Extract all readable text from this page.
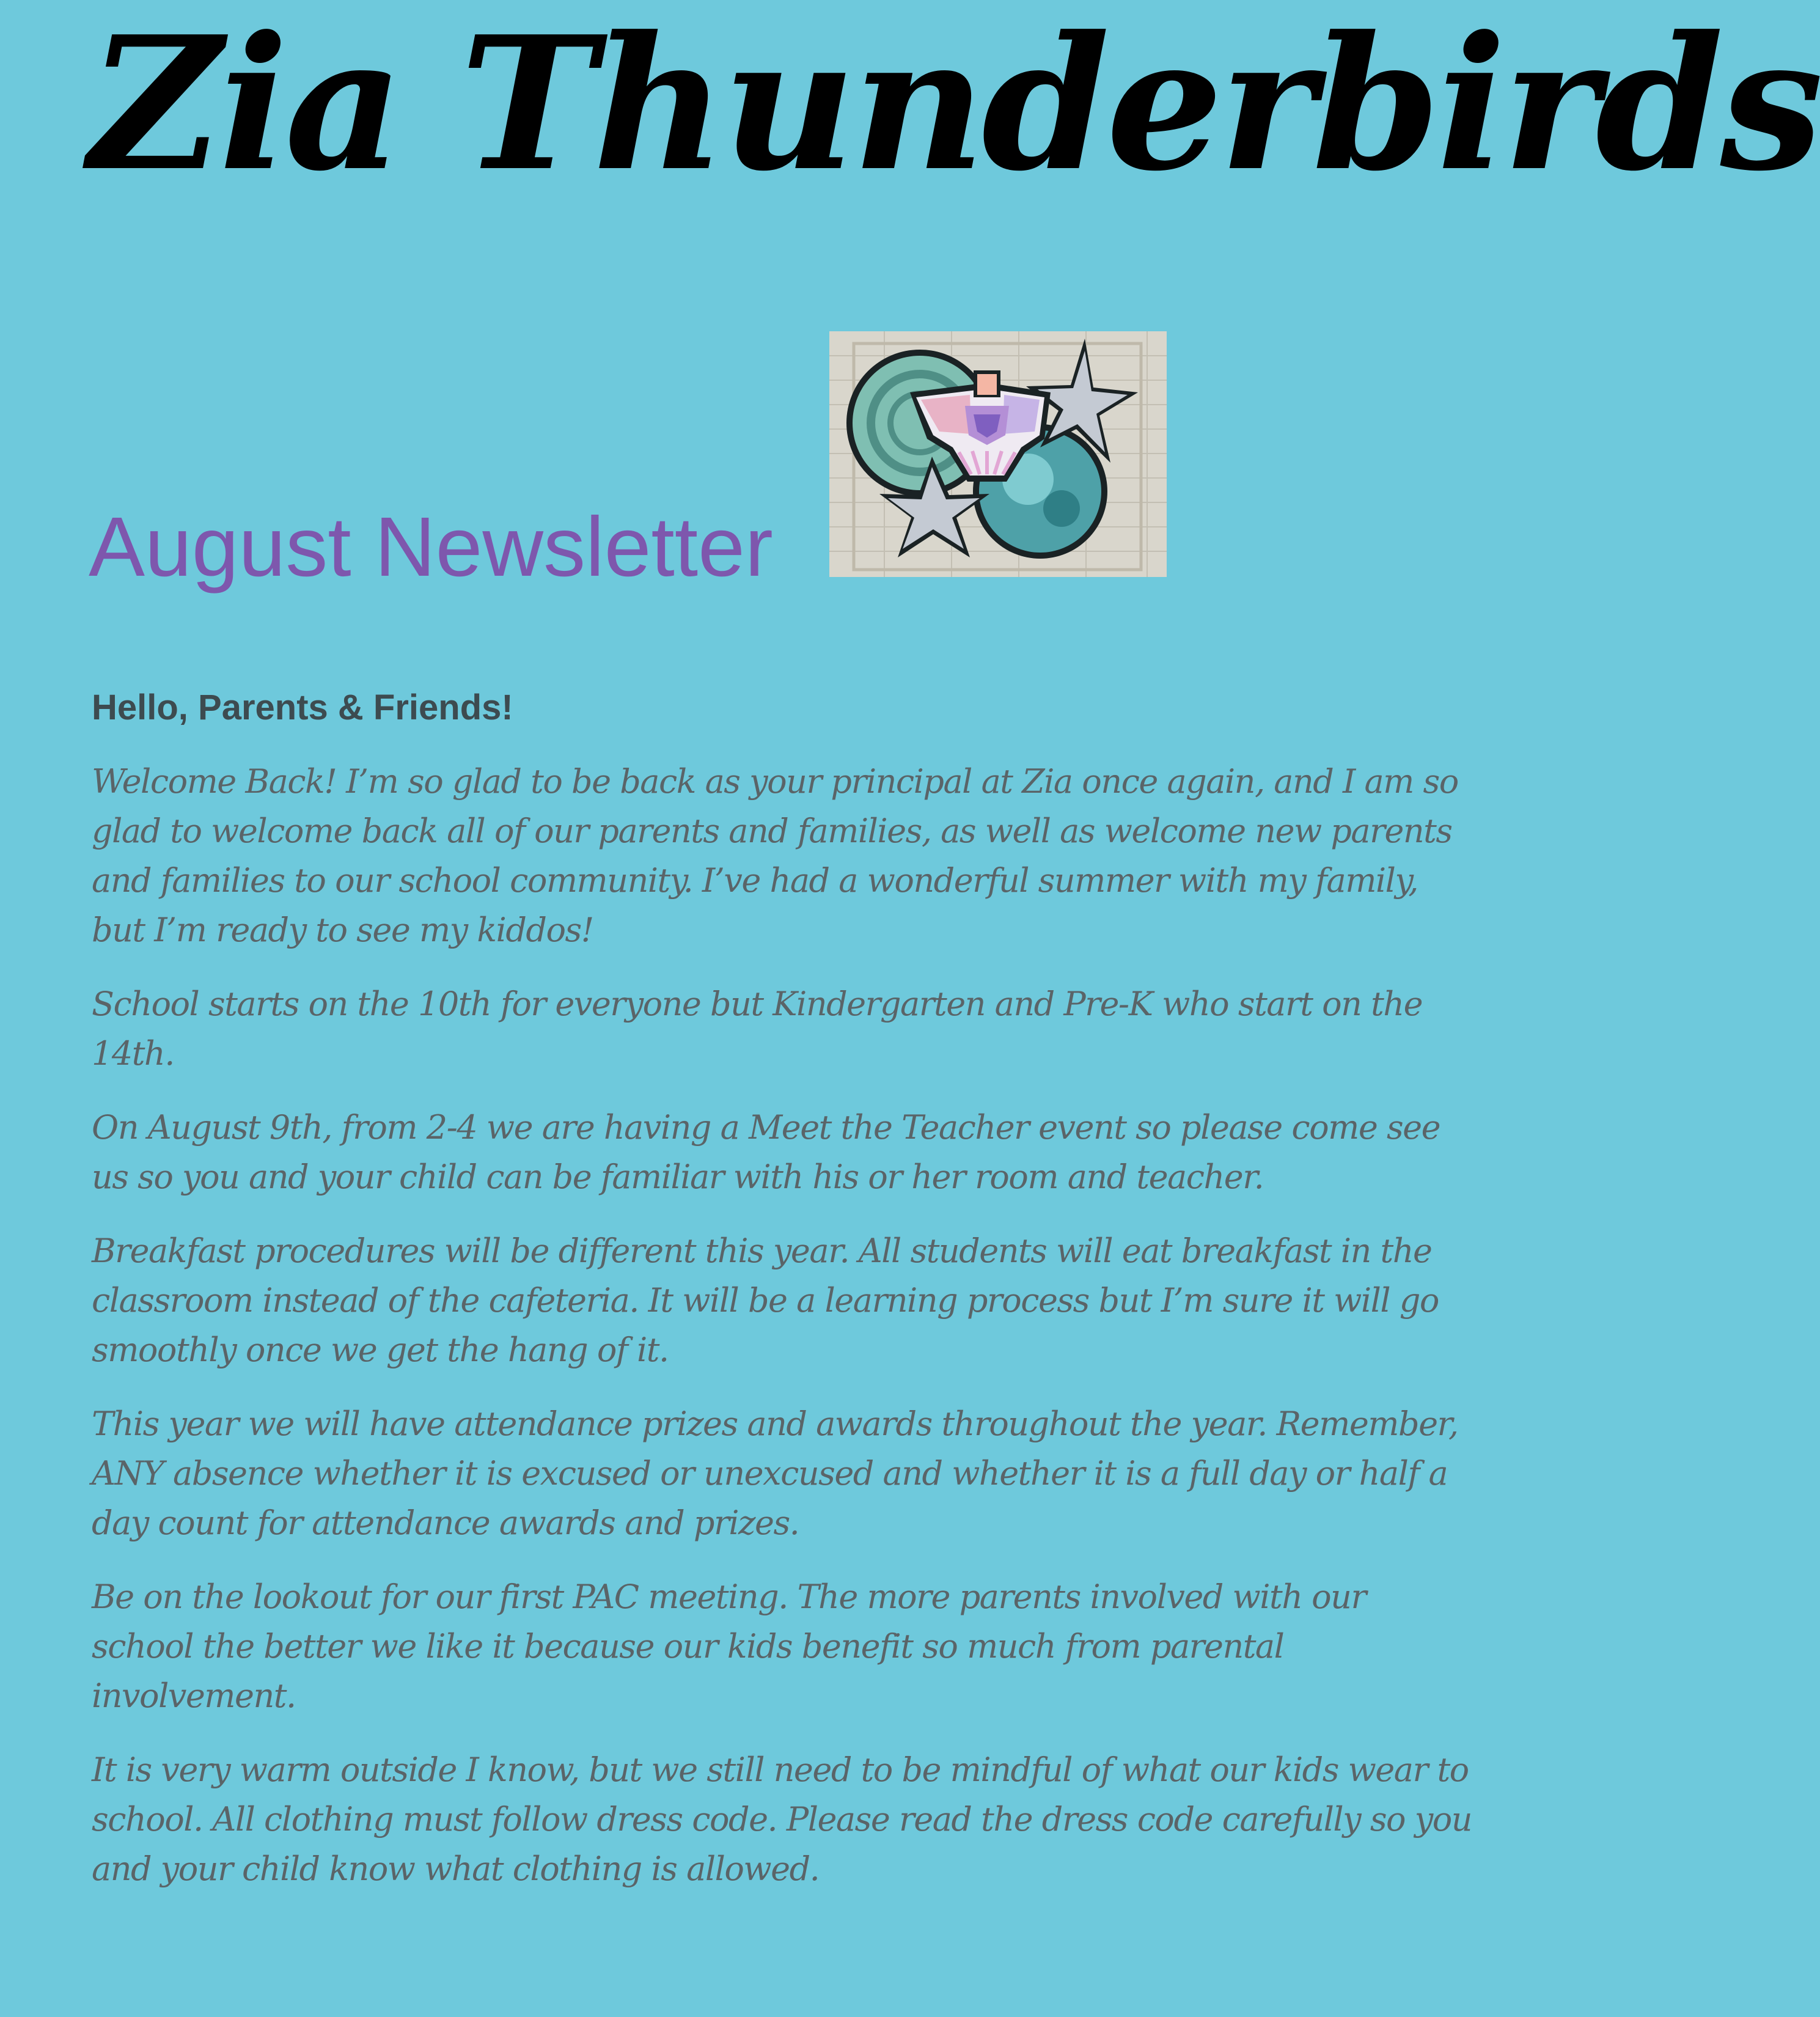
Zia Thunderbirds
August Newsletter
Hello, Parents & Friends!

Welcome Back! I’m so glad to be back as your principal at Zia once again, and I am so glad to welcome back all of our parents and families, as well as welcome new parents and families to our school community. I’ve had a wonderful summer with my family, but I’m ready to see my kiddos!

School starts on the 10th for everyone but Kindergarten and Pre-K who start on the 14th.

On August 9th, from 2-4 we are having a Meet the Teacher event so please come see us so you and your child can be familiar with his or her room and teacher.

Breakfast procedures will be different this year. All students will eat breakfast in the classroom instead of the cafeteria. It will be a learning process but I’m sure it will go smoothly once we get the hang of it.

This year we will have attendance prizes and awards throughout the year. Remember, ANY absence whether it is excused or unexcused and whether it is a full day or half a day count for attendance awards and prizes.

Be on the lookout for our first PAC meeting. The more parents involved with our school the better we like it because our kids benefit so much from parental involvement.

It is very warm outside I know, but we still need to be mindful of what our kids wear to school. All clothing must follow dress code. Please read the dress code carefully so you and your child know what clothing is allowed.
